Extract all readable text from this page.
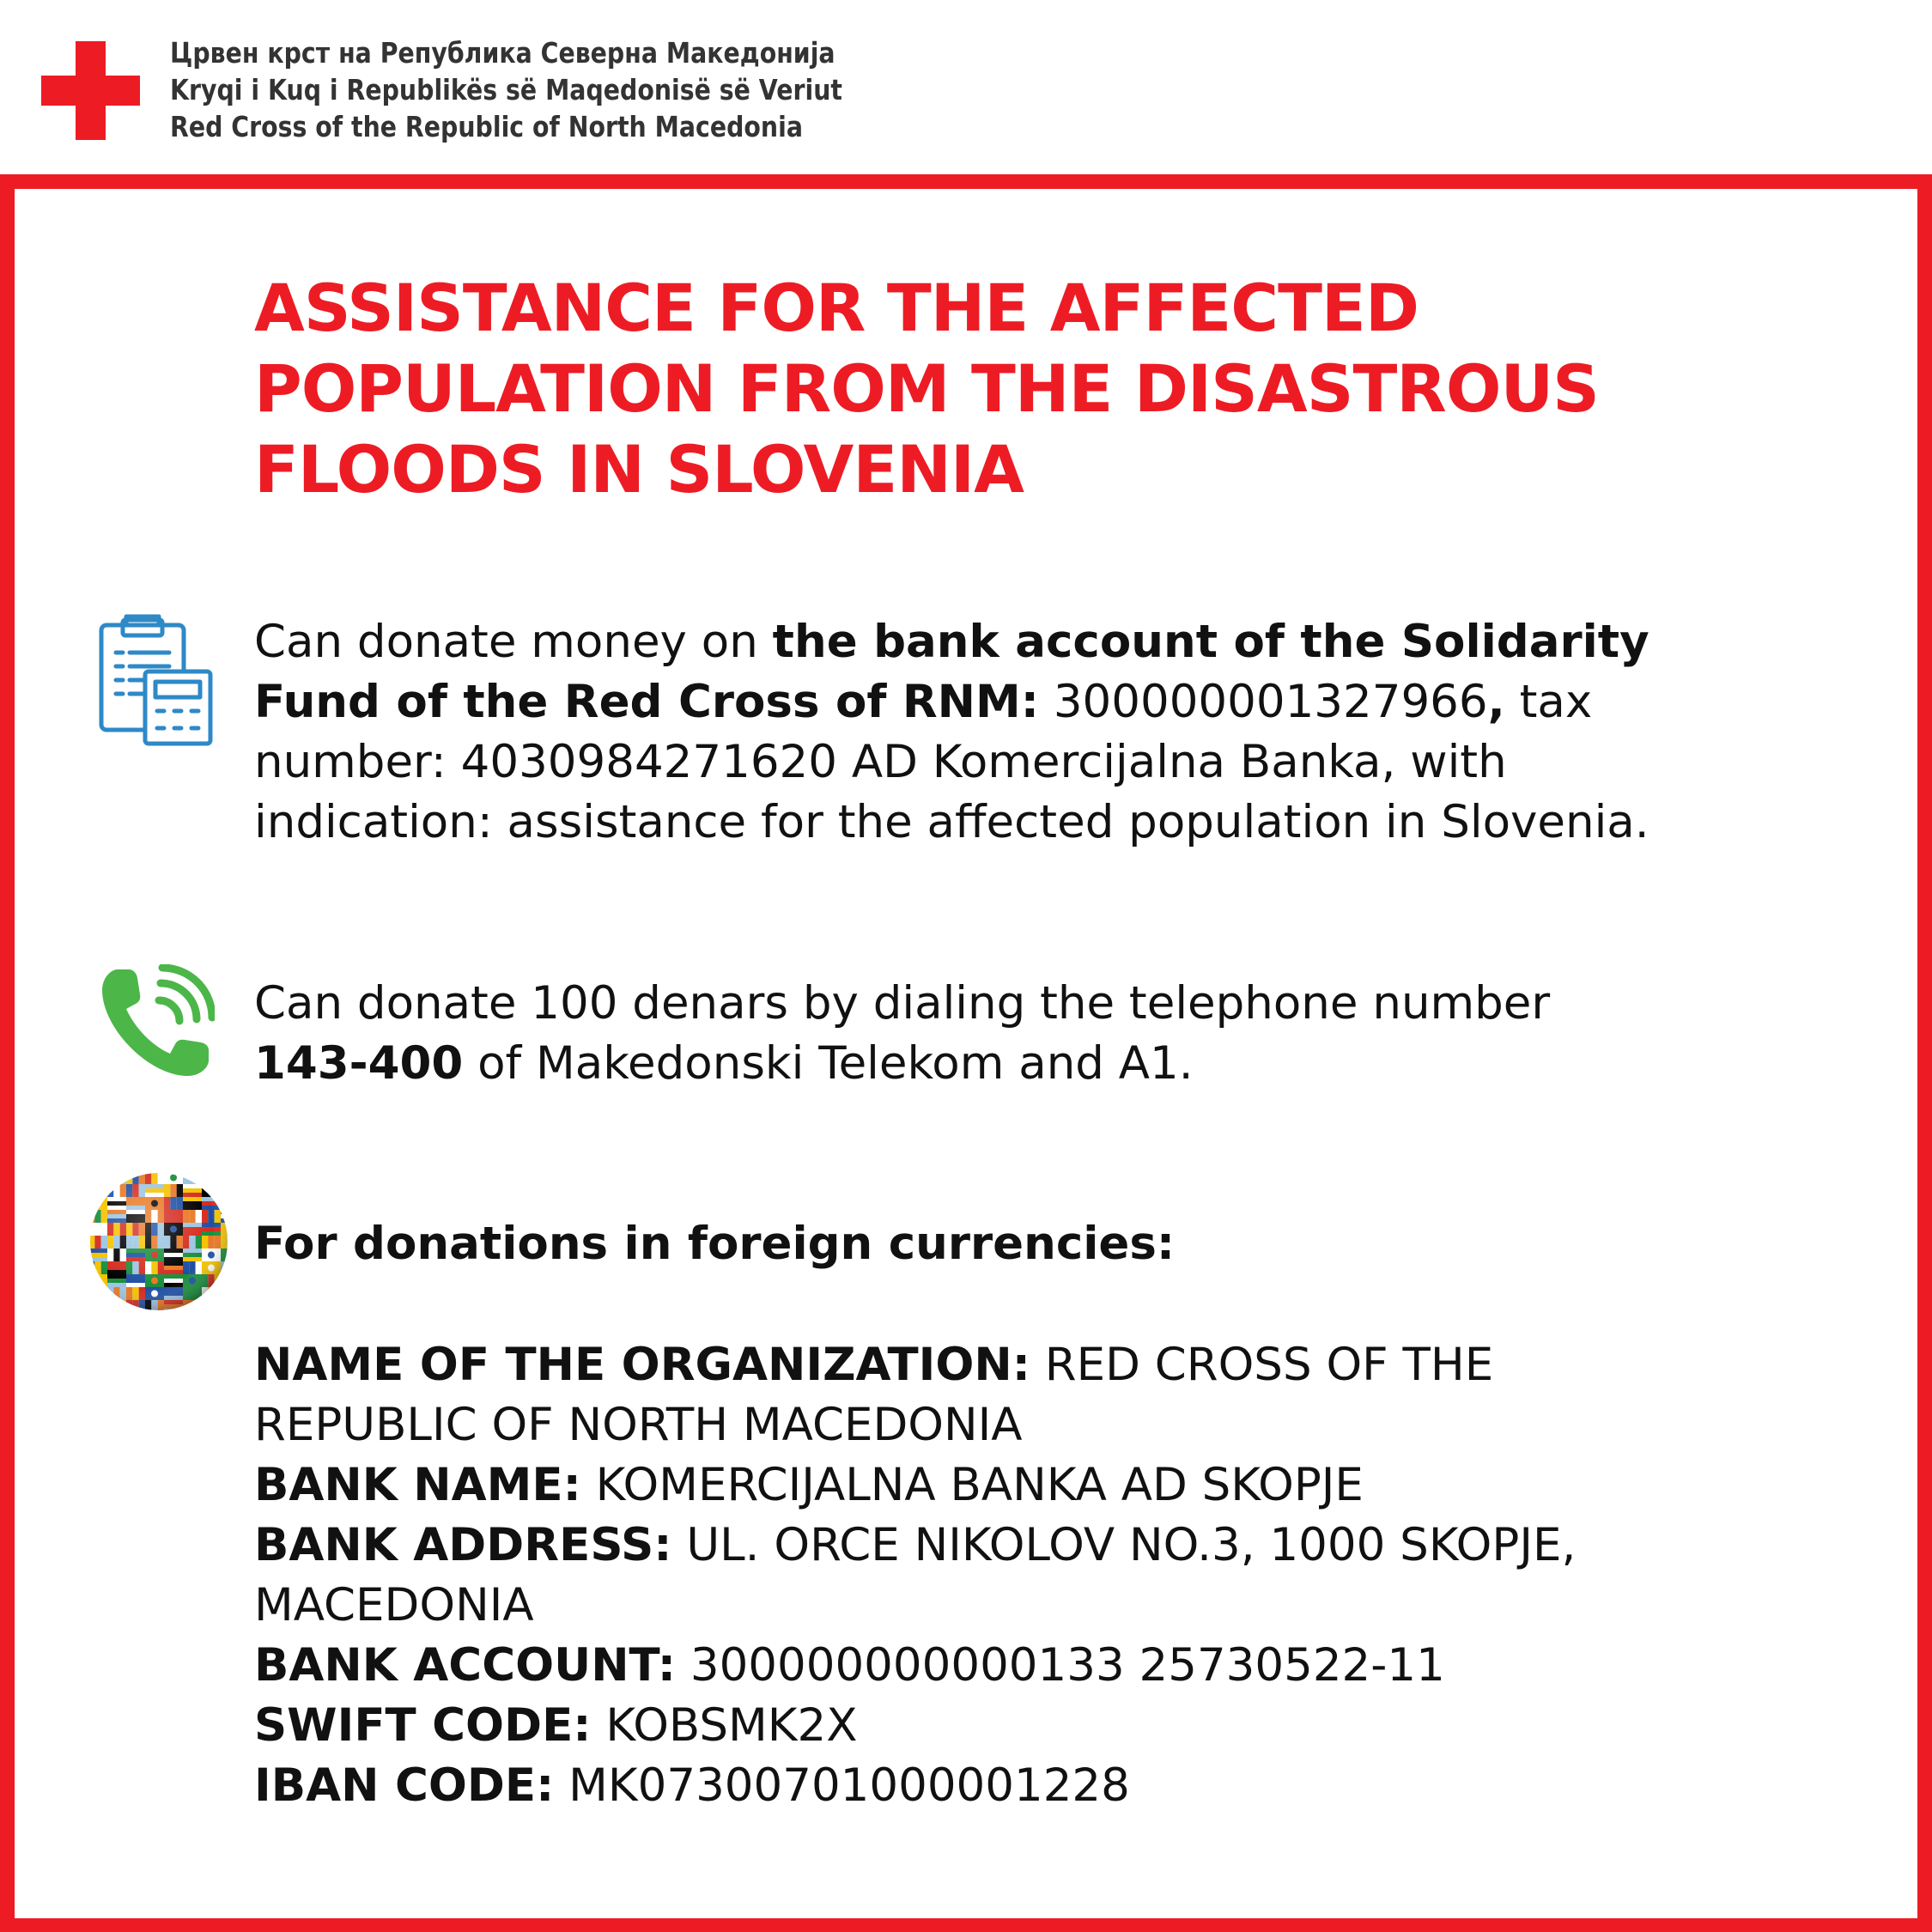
Црвен крст на Република Северна Македонија
Kryqi i Kuq i Republikës së Maqedonisë së Veriut
Red Cross of the Republic of North Macedonia
ASSISTANCE FOR THE AFFECTED
POPULATION FROM THE DISASTROUS
FLOODS IN SLOVENIA
Can donate money on the bank account of the Solidarity
Fund of the Red Cross of RNM: 300000001327966, tax
number: 4030984271620 AD Komercijalna Banka, with
indication: assistance for the affected population in Slovenia.
Can donate 100 denars by dialing the telephone number
143-400 of Makedonski Telekom and A1.
For donations in foreign currencies:
NAME OF THE ORGANIZATION: RED CROSS OF THE
REPUBLIC OF NORTH MACEDONIA
BANK NAME: KOMERCIJALNA BANKA AD SKOPJE
BANK ADDRESS: UL. ORCE NIKOLOV NO.3, 1000 SKOPJE,
MACEDONIA
BANK ACCOUNT: 300000000000133 25730522-11
SWIFT CODE: KOBSMK2X
IBAN CODE: MK07300701000001228
